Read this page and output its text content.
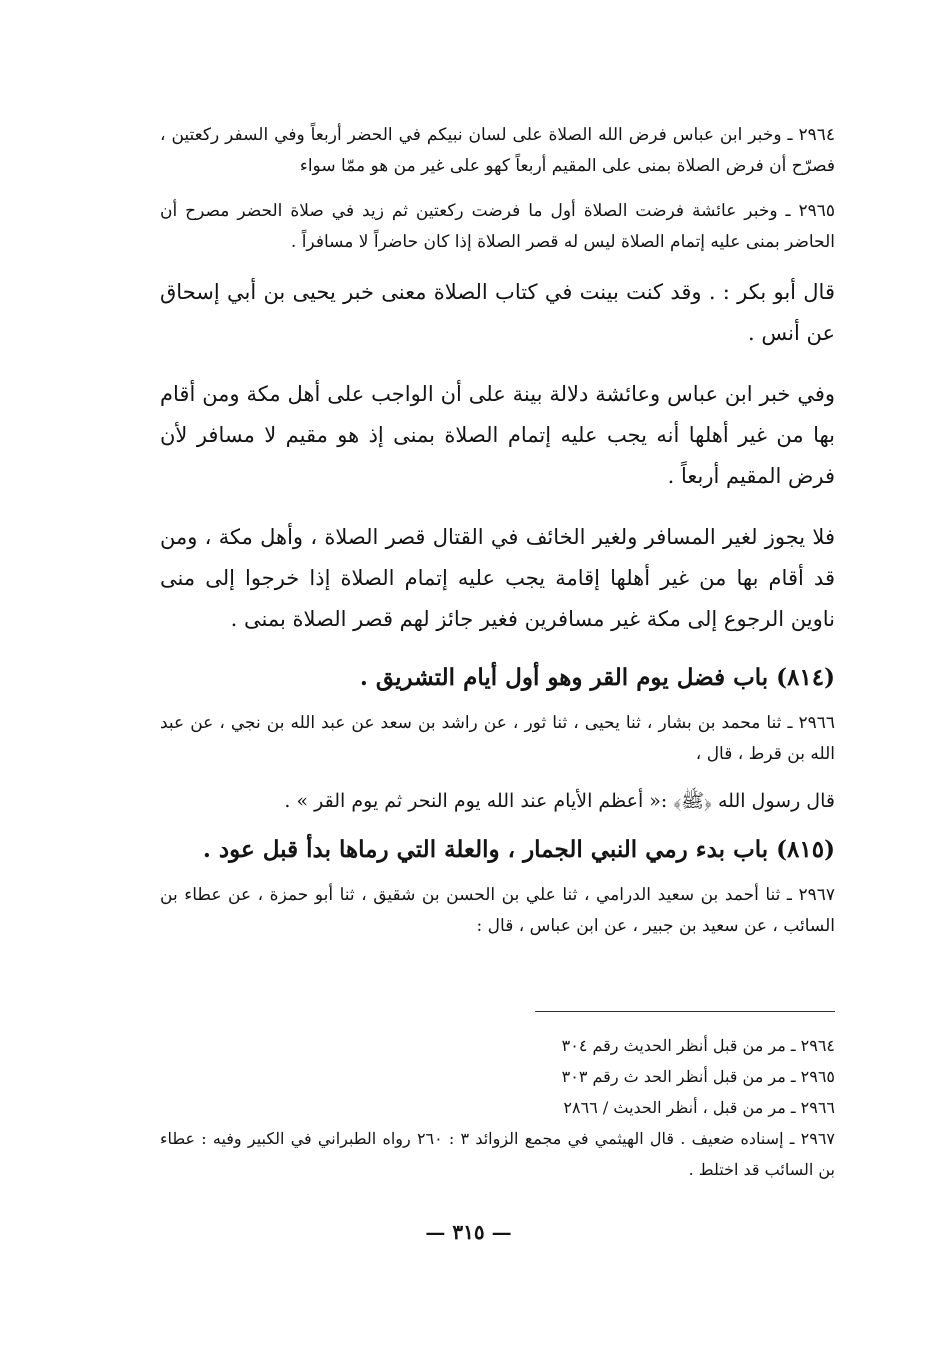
٢٩٦٤ ـ وخبر ابن عباس فرض الله الصلاة على لسان نبيكم في الحضر أربعاً وفي السفر ركعتين ، فصرّح أن فرض الصلاة بمنى على المقيم أربعاً كهو على غير من هو ممّا سواء

٢٩٦٥ ـ وخبر عائشة فرضت الصلاة أول ما فرضت ركعتين ثم زيد في صلاة الحضر مصرح أن الحاضر بمنى عليه إتمام الصلاة ليس له قصر الصلاة إذا كان حاضراً لا مسافراً .

قال أبو بكر : . وقد كنت بينت في كتاب الصلاة معنى خبر يحيى بن أبي إسحاق عن أنس .

وفي خبر ابن عباس وعائشة دلالة بينة على أن الواجب على أهل مكة ومن أقام بها من غير أهلها أنه يجب عليه إتمام الصلاة بمنى إذ هو مقيم لا مسافر لأن فرض المقيم أربعاً .

فلا يجوز لغير المسافر ولغير الخائف في القتال قصر الصلاة ، وأهل مكة ، ومن قد أقام بها من غير أهلها إقامة يجب عليه إتمام الصلاة إذا خرجوا إلى منى ناوين الرجوع إلى مكة غير مسافرين فغير جائز لهم قصر الصلاة بمنى .

(٨١٤) باب فضل يوم القر وهو أول أيام التشريق .

٢٩٦٦ ـ ثنا محمد بن بشار ، ثنا يحيى ، ثنا ثور ، عن راشد بن سعد عن عبد الله بن نجي ، عن عبد الله بن قرط ، قال ،

قال رسول الله ﴿ﷺ﴾ :« أعظم الأيام عند الله يوم النحر ثم يوم القر » .

(٨١٥) باب بدء رمي النبي الجمار ، والعلة التي رماها بدأ قبل عود .

٢٩٦٧ ـ ثنا أحمد بن سعيد الدرامي ، ثنا علي بن الحسن بن شقيق ، ثنا أبو حمزة ، عن عطاء بن السائب ، عن سعيد بن جبير ، عن ابن عباس ، قال :

٢٩٦٤ ـ مر من قبل أنظر الحديث رقم ٣٠٤

٢٩٦٥ ـ مر من قبل أنظر الحد ث رقم ٣٠٣

٢٩٦٦ ـ مر من قبل ، أنظر الحديث / ٢٨٦٦

٢٩٦٧ ـ إسناده ضعيف . قال الهيثمي في مجمع الزوائد ٣ : ٢٦٠ رواه الطبراني في الكبير وفيه : عطاء بن السائب قد اختلط .

— ٣١٥ —
